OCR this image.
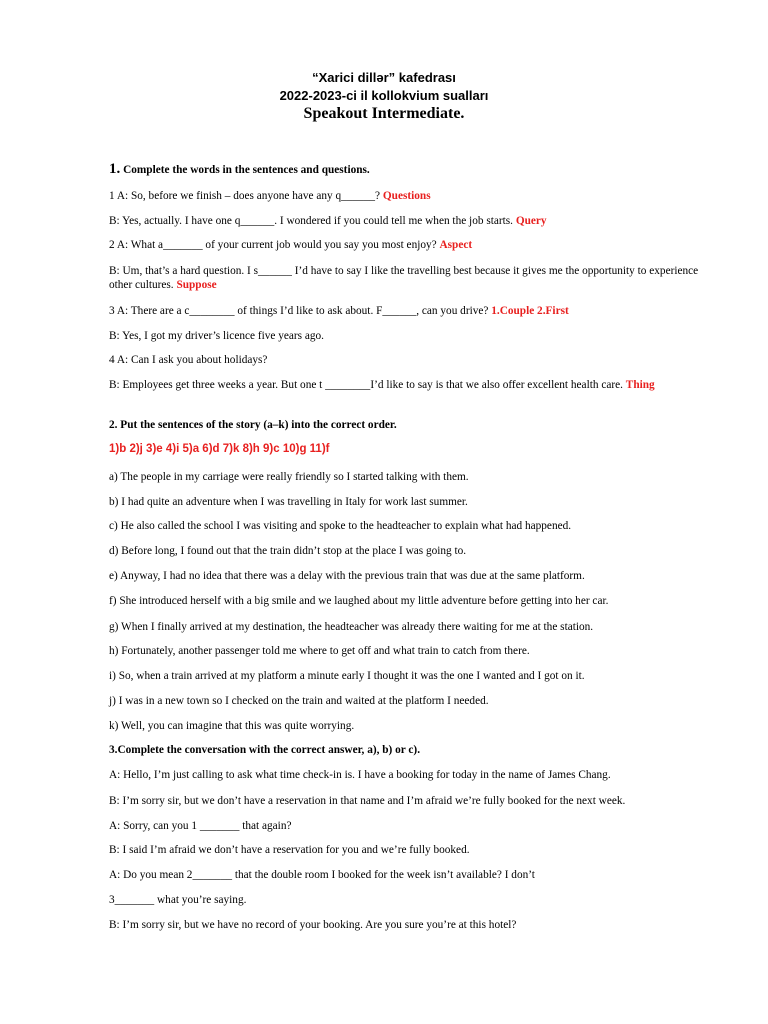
“Xarici dillər” kafedrası
2022-2023-ci il kollokvium sualları
Speakout Intermediate.
1. Complete the words in the sentences and questions.
1 A: So, before we finish – does anyone have any q______? Questions
B: Yes, actually. I have one q______. I wondered if you could tell me when the job starts. Query
2 A: What a_______ of your current job would you say you most enjoy? Aspect
B: Um, that’s a hard question. I s______ I’d have to say I like the travelling best because it gives me the opportunity to experience other cultures. Suppose
3 A: There are a c________ of things I’d like to ask about. F______, can you drive? 1.Couple 2.First
B: Yes, I got my driver’s licence five years ago.
4 A: Can I ask you about holidays?
B: Employees get three weeks a year. But one t ________I’d like to say is that we also offer excellent health care. Thing
2. Put the sentences of the story (a–k) into the correct order.
1)b 2)j 3)e 4)i 5)a 6)d 7)k 8)h 9)c 10)g 11)f
a) The people in my carriage were really friendly so I started talking with them.
b) I had quite an adventure when I was travelling in Italy for work last summer.
c) He also called the school I was visiting and spoke to the headteacher to explain what had happened.
d) Before long, I found out that the train didn’t stop at the place I was going to.
e) Anyway, I had no idea that there was a delay with the previous train that was due at the same platform.
f) She introduced herself with a big smile and we laughed about my little adventure before getting into her car.
g) When I finally arrived at my destination, the headteacher was already there waiting for me at the station.
h) Fortunately, another passenger told me where to get off and what train to catch from there.
i) So, when a train arrived at my platform a minute early I thought it was the one I wanted and I got on it.
j) I was in a new town so I checked on the train and waited at the platform I needed.
k) Well, you can imagine that this was quite worrying.
3.Complete the conversation with the correct answer, a), b) or c).
A: Hello, I’m just calling to ask what time check-in is. I have a booking for today in the name of James Chang.
B: I’m sorry sir, but we don’t have a reservation in that name and I’m afraid we’re fully booked for the next week.
A: Sorry, can you 1 _______ that again?
B: I said I’m afraid we don’t have a reservation for you and we’re fully booked.
A: Do you mean 2_______ that the double room I booked for the week isn’t available? I don’t
3_______ what you’re saying.
B: I’m sorry sir, but we have no record of your booking. Are you sure you’re at this hotel?
